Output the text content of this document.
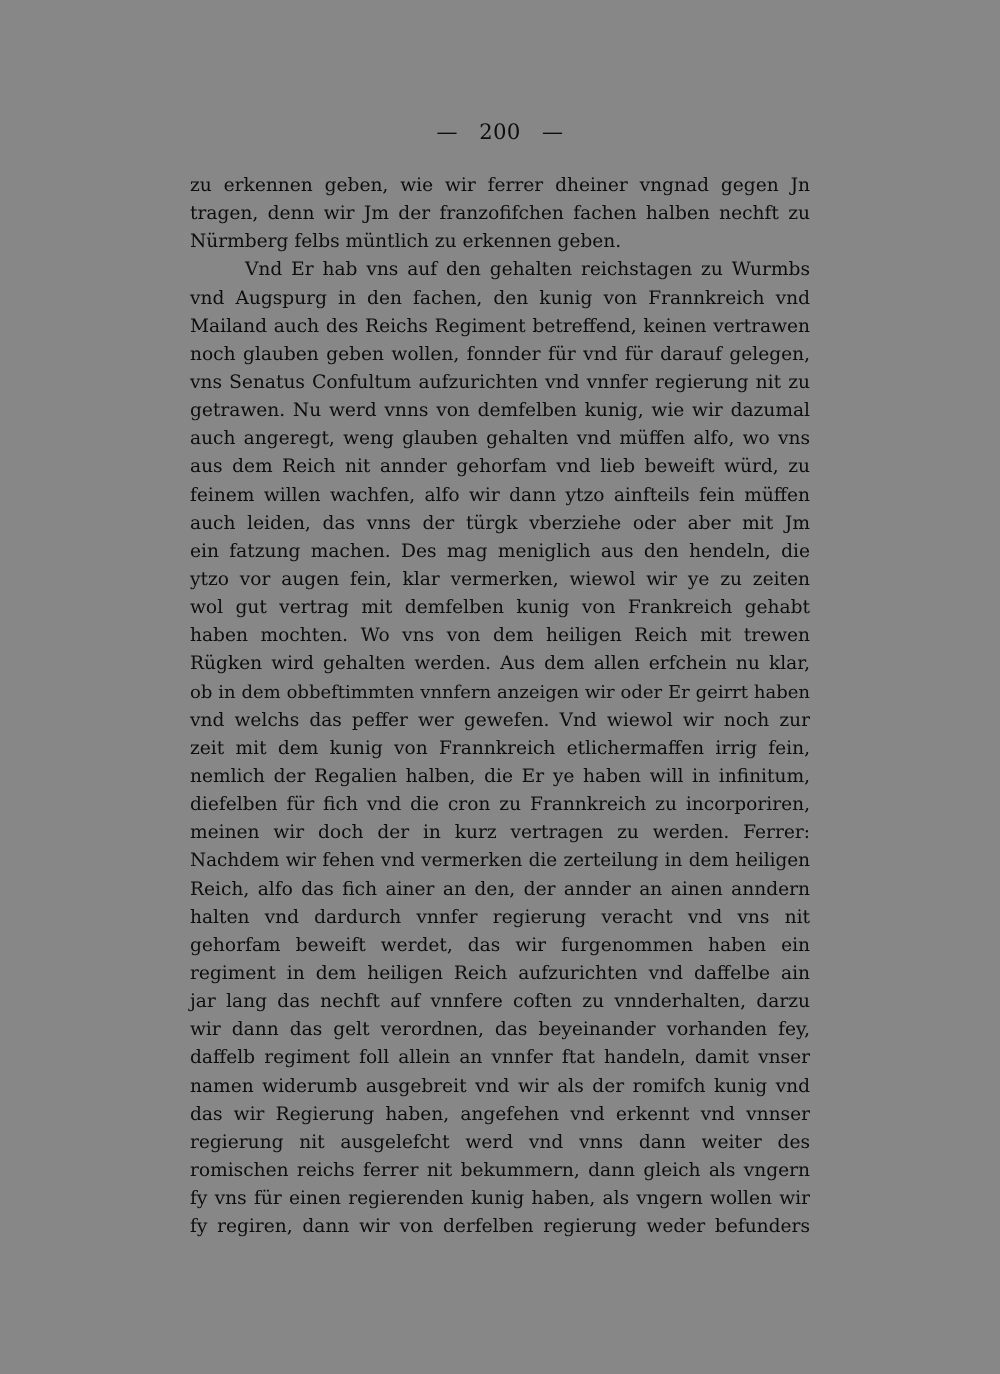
— 200 —
zu erkennen geben, wie wir ferrer dheiner vngnad gegen Jn
tragen, denn wir Jm der franzofifchen fachen halben nechft zu
Nürmberg felbs müntlich zu erkennen geben.
Vnd Er hab vns auf den gehalten reichstagen zu Wurmbs
vnd Augspurg in den fachen, den kunig von Frannkreich vnd
Mailand auch des Reichs Regiment betreffend, keinen vertrawen
noch glauben geben wollen, fonnder für vnd für darauf gelegen,
vns Senatus Confultum aufzurichten vnd vnnfer regierung nit zu
getrawen. Nu werd vnns von demfelben kunig, wie wir dazumal
auch angeregt, weng glauben gehalten vnd müffen alfo, wo vns
aus dem Reich nit annder gehorfam vnd lieb beweift würd, zu
feinem willen wachfen, alfo wir dann ytzo ainfteils fein müffen
auch leiden, das vnns der türgk vberziehe oder aber mit Jm
ein fatzung machen. Des mag meniglich aus den hendeln, die
ytzo vor augen fein, klar vermerken, wiewol wir ye zu zeiten
wol gut vertrag mit demfelben kunig von Frankreich gehabt
haben mochten. Wo vns von dem heiligen Reich mit trewen
Rügken wird gehalten werden. Aus dem allen erfchein nu klar,
ob in dem obbeftimmten vnnfern anzeigen wir oder Er geirrt haben
vnd welchs das peffer wer gewefen. Vnd wiewol wir noch zur
zeit mit dem kunig von Frannkreich etlichermaffen irrig fein,
nemlich der Regalien halben, die Er ye haben will in infinitum,
diefelben für fich vnd die cron zu Frannkreich zu incorporiren,
meinen wir doch der in kurz vertragen zu werden. Ferrer:
Nachdem wir fehen vnd vermerken die zerteilung in dem heiligen
Reich, alfo das fich ainer an den, der annder an ainen anndern
halten vnd dardurch vnnfer regierung veracht vnd vns nit
gehorfam beweift werdet, das wir furgenommen haben ein
regiment in dem heiligen Reich aufzurichten vnd daffelbe ain
jar lang das nechft auf vnnfere coften zu vnnderhalten, darzu
wir dann das gelt verordnen, das beyeinander vorhanden fey,
daffelb regiment foll allein an vnnfer ftat handeln, damit vnser
namen widerumb ausgebreit vnd wir als der romifch kunig vnd
das wir Regierung haben, angefehen vnd erkennt vnd vnnser
regierung nit ausgelefcht werd vnd vnns dann weiter des
romischen reichs ferrer nit bekummern, dann gleich als vngern
fy vns für einen regierenden kunig haben, als vngern wollen wir
fy regiren, dann wir von derfelben regierung weder befunders
